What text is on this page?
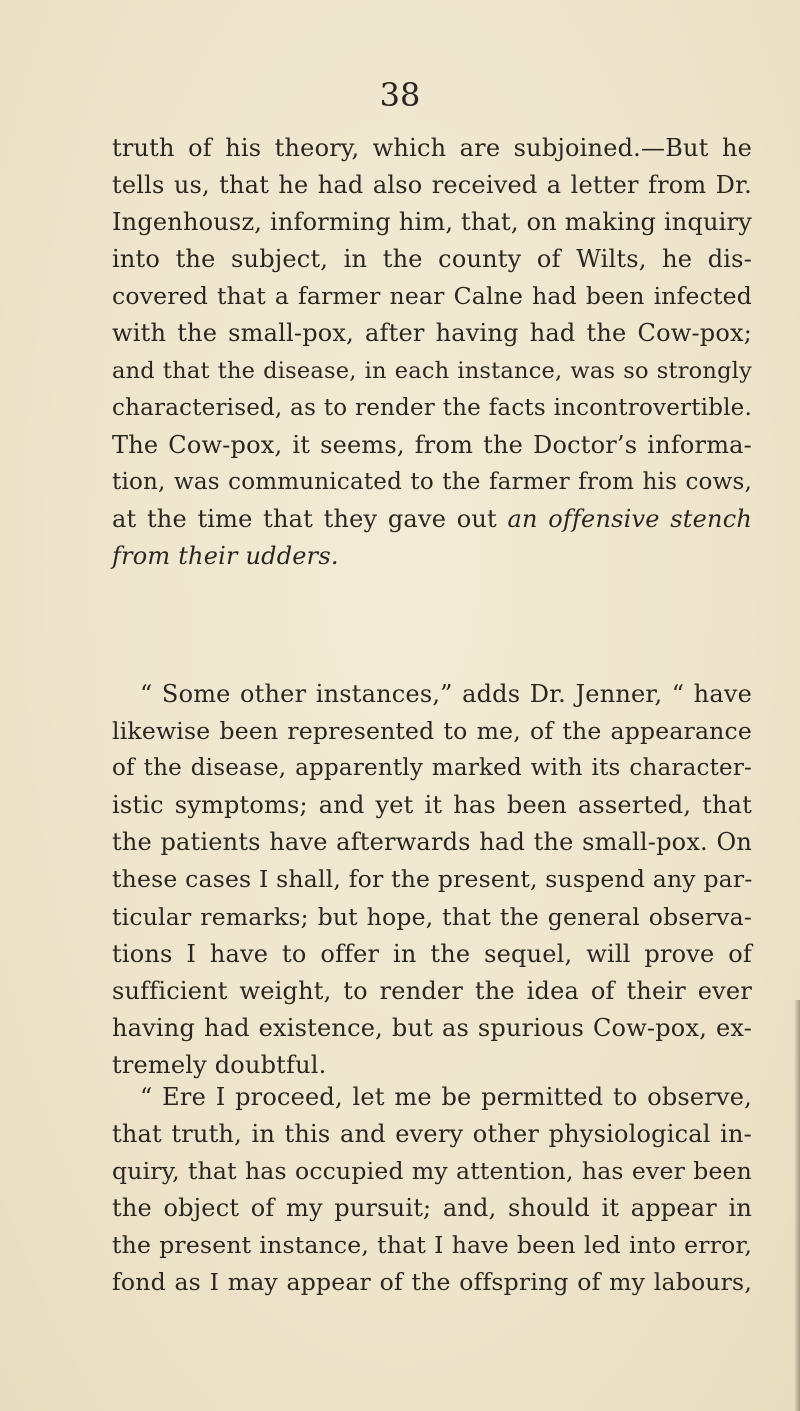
38
truth of his theory, which are subjoined.—But he
tells us, that he had also received a letter from Dr.
Ingenhousz, informing him, that, on making inquiry
into the subject, in the county of Wilts, he dis-
covered that a farmer near Calne had been infected
with the small-pox, after having had the Cow-pox;
and that the disease, in each instance, was so strongly
characterised, as to render the facts incontrovertible.
The Cow-pox, it seems, from the Doctor’s informa-
tion, was communicated to the farmer from his cows,
at the time that they gave out an offensive stench
from their udders.
“ Some other instances,” adds Dr. Jenner, “ have
likewise been represented to me, of the appearance
of the disease, apparently marked with its character-
istic symptoms; and yet it has been asserted, that
the patients have afterwards had the small-pox. On
these cases I shall, for the present, suspend any par-
ticular remarks; but hope, that the general observa-
tions I have to offer in the sequel, will prove of
sufficient weight, to render the idea of their ever
having had existence, but as spurious Cow-pox, ex-
tremely doubtful.
“ Ere I proceed, let me be permitted to observe,
that truth, in this and every other physiological in-
quiry, that has occupied my attention, has ever been
the object of my pursuit; and, should it appear in
the present instance, that I have been led into error,
fond as I may appear of the offspring of my labours,
